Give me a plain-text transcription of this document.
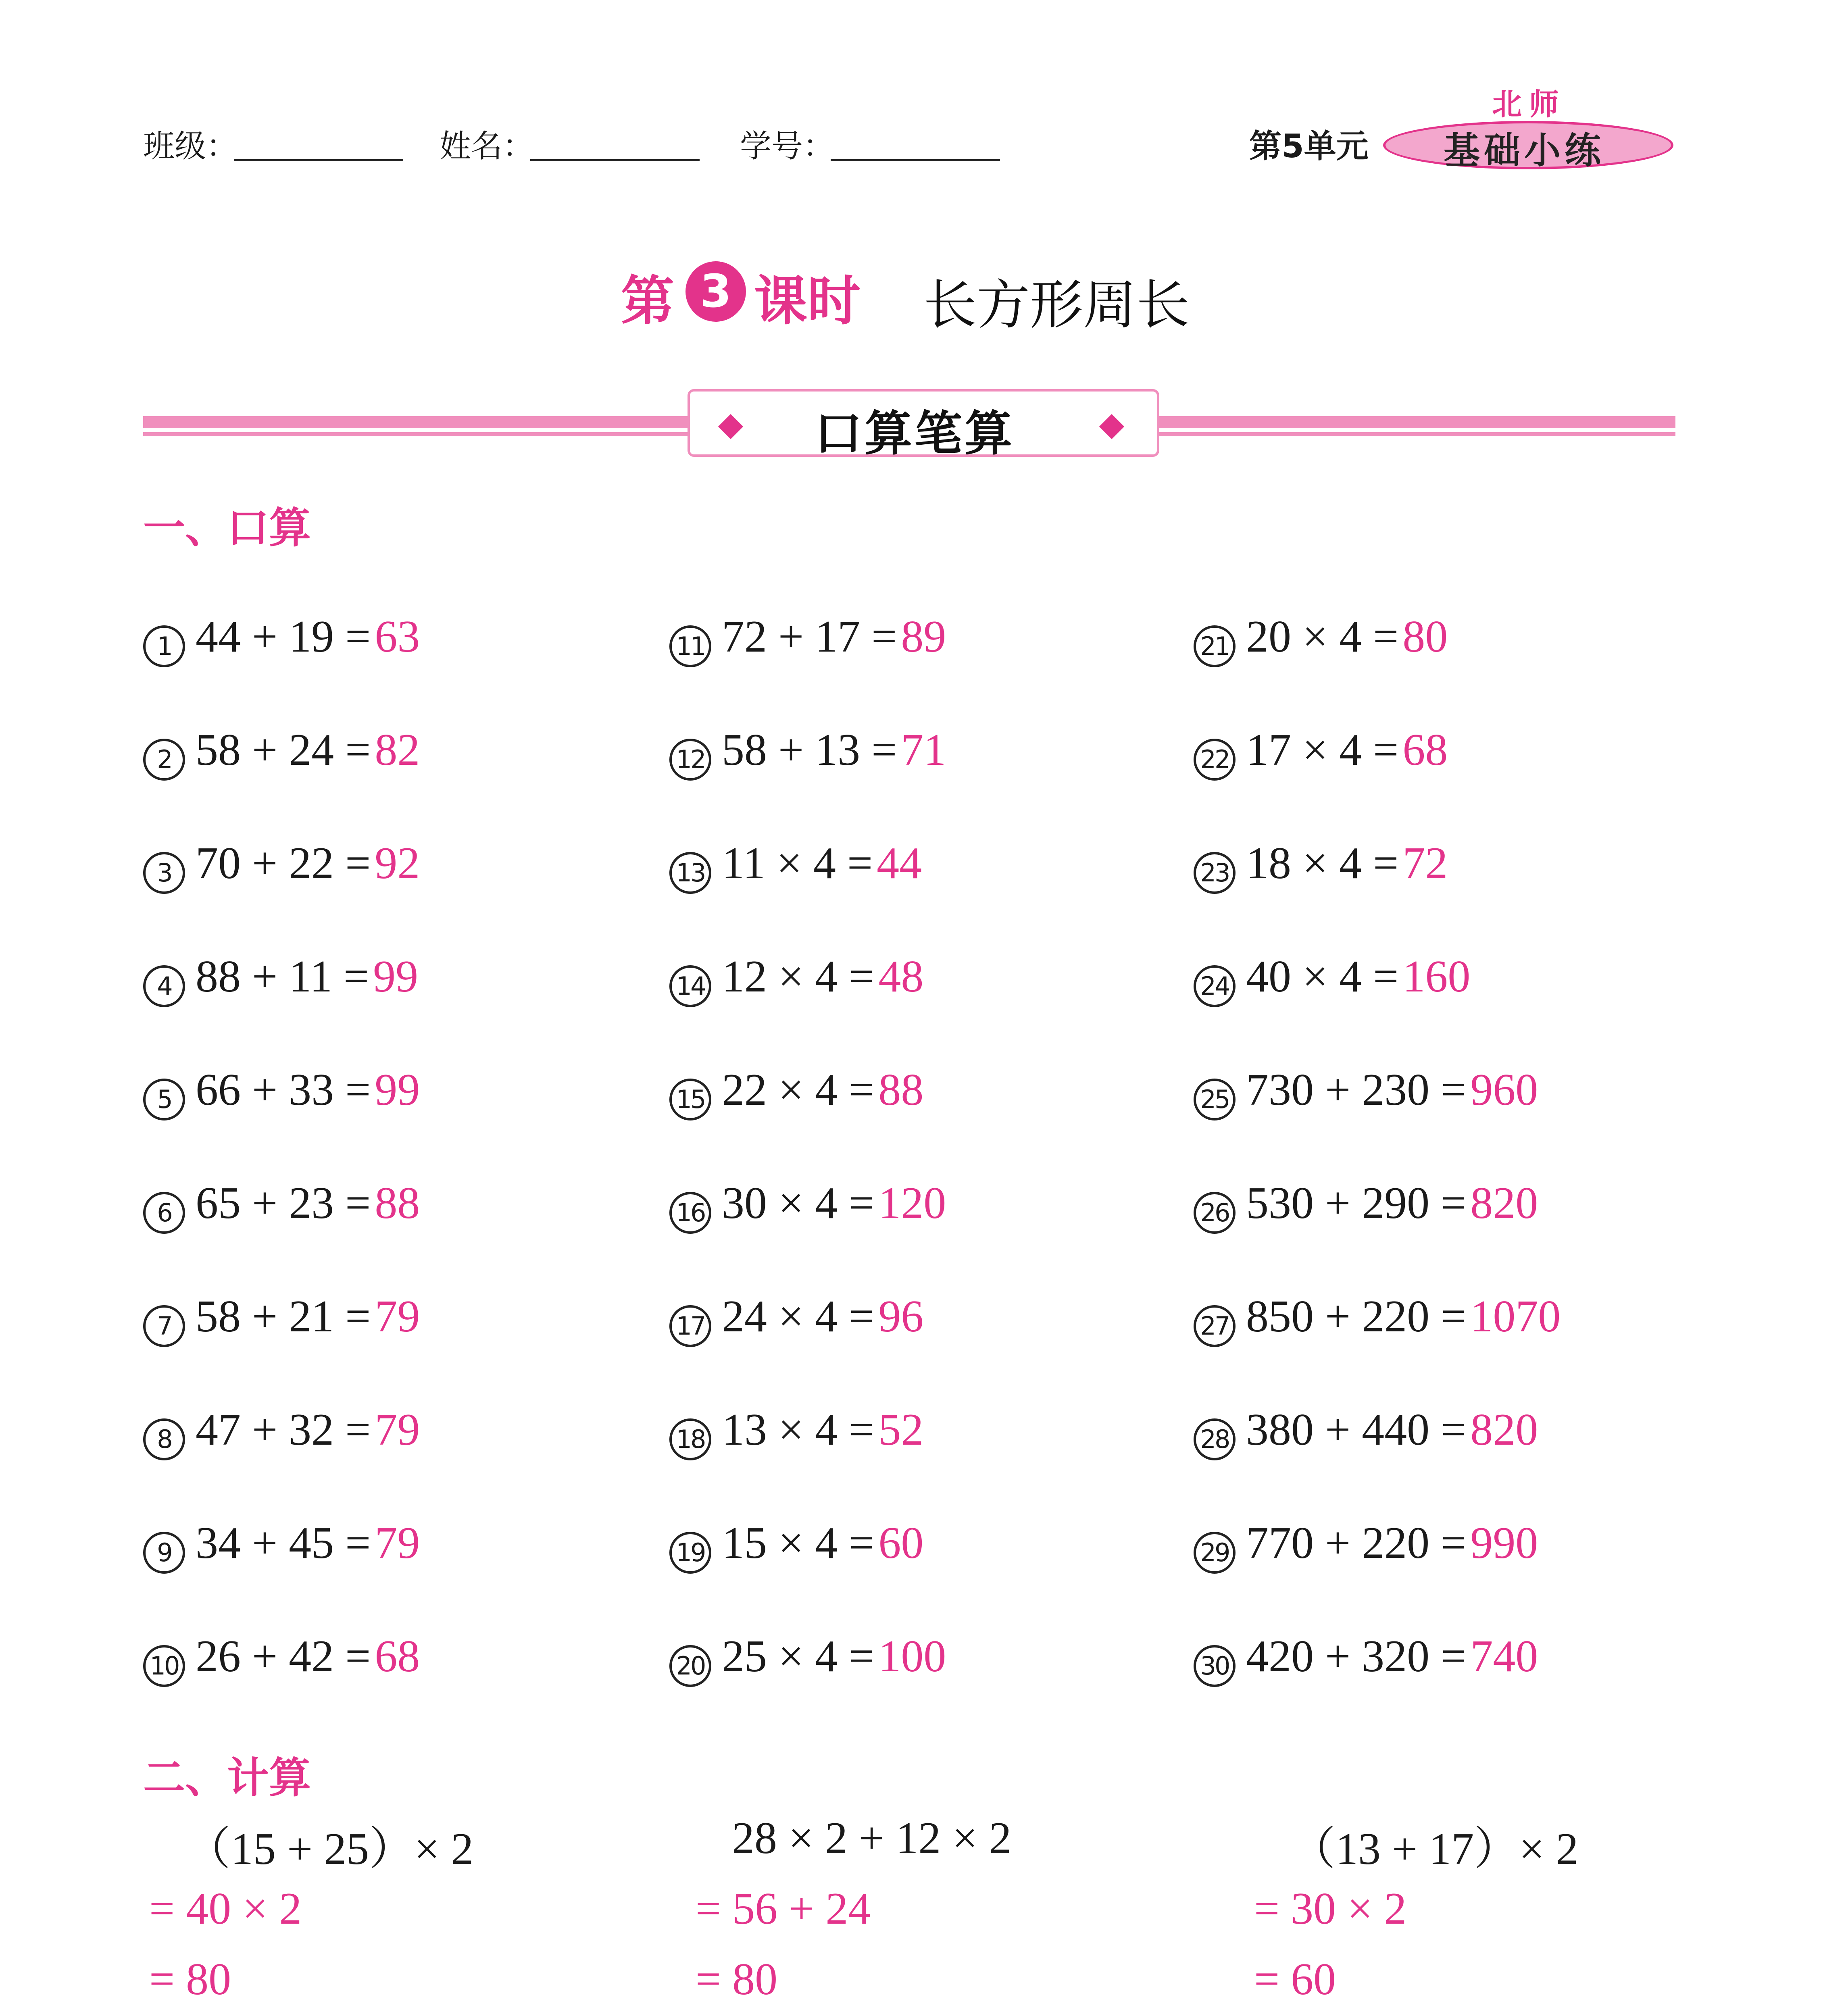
班级：	姓名：	学号：	第5单元
北师
基础小练
第 3 课时 长方形周长
口算笔算
一、口算
1 44 + 19 =63
2 58 + 24 =82
3 70 + 22 =92
4 88 + 11 =99
5 66 + 33 =99
6 65 + 23 =88
7 58 + 21 =79
8 47 + 32 =79
9 34 + 45 =79
10 26 + 42 =68
11 72 + 17 =89
12 58 + 13 =71
13 11 × 4 =44
14 12 × 4 =48
15 22 × 4 =88
16 30 × 4 =120
17 24 × 4 =96
18 13 × 4 =52
19 15 × 4 =60
20 25 × 4 =100
21 20 × 4 =80
22 17 × 4 =68
23 18 × 4 =72
24 40 × 4 =160
25 730 + 230 =960
26 530 + 290 =820
27 850 + 220 =1070
28 380 + 440 =820
29 770 + 220 =990
30 420 + 320 =740
二、计算
（15 + 25）× 2
= 40 × 2
= 80
28 × 2 + 12 × 2
= 56 + 24
= 80
（13 + 17）× 2
= 30 × 2
= 60
